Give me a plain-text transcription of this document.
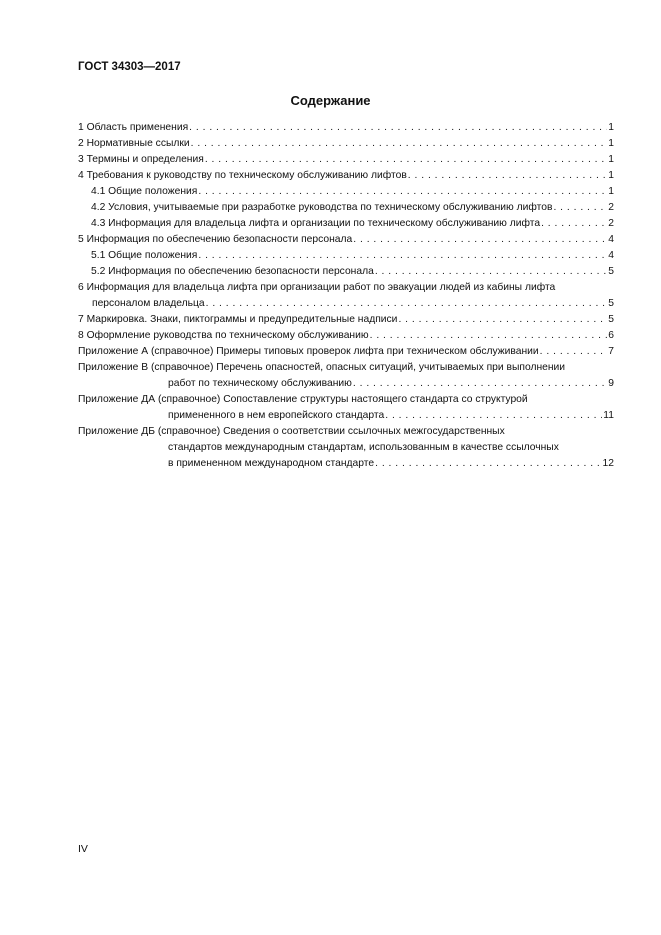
ГОСТ 34303—2017
Содержание
1 Область применения . . .	1
2 Нормативные ссылки . . .	1
3 Термины и определения . . .	1
4 Требования к руководству по техническому обслуживанию лифтов . . .	1
4.1 Общие положения . . .	1
4.2 Условия, учитываемые при разработке руководства по техническому обслуживанию лифтов . . .	2
4.3 Информация для владельца лифта и организации по техническому обслуживанию лифта . . .	2
5 Информация по обеспечению безопасности персонала . . .	4
5.1 Общие положения . . .	4
5.2 Информация по обеспечению безопасности персонала . . .	5
6 Информация для владельца лифта при организации работ по эвакуации людей из кабины лифта
персоналом владельца . . .	5
7 Маркировка. Знаки, пиктограммы и предупредительные надписи . . .	5
8 Оформление руководства по техническому обслуживанию . . .	6
Приложение А (справочное) Примеры типовых проверок лифта при техническом обслуживании . . .	7
Приложение В (справочное) Перечень опасностей, опасных ситуаций, учитываемых при выполнении
работ по техническому обслуживанию . . .	9
Приложение ДА (справочное) Сопоставление структуры настоящего стандарта со структурой
примененного в нем европейского стандарта . . .	11
Приложение ДБ (справочное) Сведения о соответствии ссылочных межгосударственных
стандартов международным стандартам, использованным в качестве ссылочных
в примененном международном стандарте . . .	12
IV
